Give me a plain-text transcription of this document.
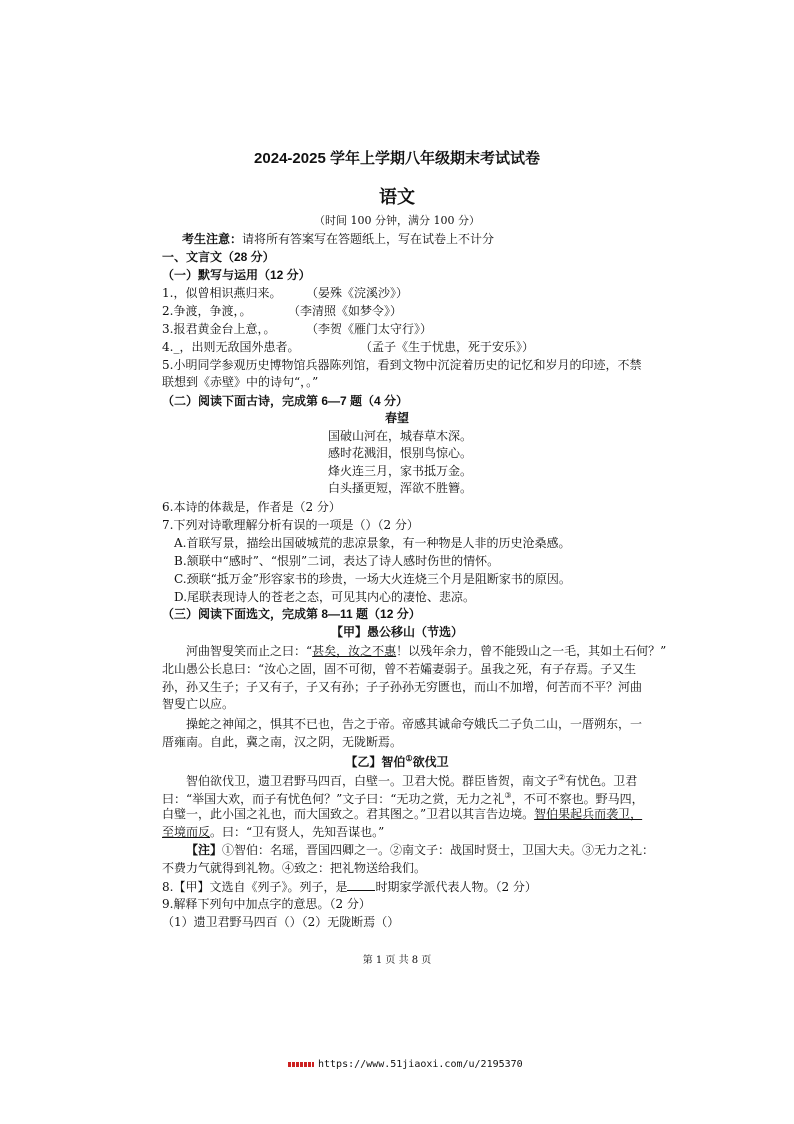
2024-2025 学年上学期八年级期末考试试卷
语文
（时间 100 分钟，满分 100 分）
考生注意：请将所有答案写在答题纸上，写在试卷上不计分
一、文言文（28 分）
（一）默写与运用（12 分）
1.，似曾相识燕归来。 （晏殊《浣溪沙》）
2.争渡，争渡，。	（李清照《如梦令》）
3.报君黄金台上意，。	（李贺《雁门太守行》）
4._，出则无敌国外患者。	（孟子《生于忧患，死于安乐》）
5.小明同学参观历史博物馆兵器陈列馆，看到文物中沉淀着历史的记忆和岁月的印迹，不禁
联想到《赤壁》中的诗句“，。”
（二）阅读下面古诗，完成第 6—7 题（4 分）
春望
国破山河在，城春草木深。
感时花溅泪，恨别鸟惊心。
烽火连三月，家书抵万金。
白头搔更短，浑欲不胜簪。
6.本诗的体裁是，作者是（2 分）
7.下列对诗歌理解分析有误的一项是（）（2 分）
A.首联写景，描绘出国破城荒的悲凉景象，有一种物是人非的历史沧桑感。
B.颔联中“感时”、“恨别”二词，表达了诗人感时伤世的情怀。
C.颈联“抵万金”形容家书的珍贵，一场大火连烧三个月是阻断家书的原因。
D.尾联表现诗人的苍老之态，可见其内心的凄怆、悲凉。
（三）阅读下面选文，完成第 8—11 题（12 分）
【甲】愚公移山（节选）
河曲智叟笑而止之曰：“甚矣，汝之不惠！以残年余力，曾不能毁山之一毛，其如土石何？”
北山愚公长息曰：“汝心之固，固不可彻，曾不若孀妻弱子。虽我之死，有子存焉。子又生
孙，孙又生子；子又有子，子又有孙；子子孙孙无穷匮也，而山不加增，何苦而不平？河曲
智叟亡以应。
操蛇之神闻之，惧其不已也，告之于帝。帝感其诚命夸娥氏二子负二山，一厝朔东，一
厝雍南。自此，冀之南，汉之阴，无陇断焉。
【乙】智伯①欲伐卫
智伯欲伐卫，遗卫君野马四百，白壁一。卫君大悦。群臣皆贺，南文子②有忧色。卫君
曰：“举国大欢，而子有忧色何？”文子曰：“无功之赏，无力之礼③，不可不察也。野马四，
白璧一，此小国之礼也，而大国致之。君其图之。”卫君以其言告边境。智伯果起兵而袭卫，
至境而反。曰：“卫有贤人，先知吾谋也。”
【注】①智伯：名瑶，晋国四卿之一。②南文子：战国时贤士，卫国大夫。③无力之礼：
不费力气就得到礼物。④致之：把礼物送给我们。
8.【甲】文选自《列子》。列子，是 时期家学派代表人物。（2 分）
9.解释下列句中加点字的意思。（2 分）
（1）遗卫君野马四百（）（2）无陇断焉（）
第 1 页 共 8 页
https://www.51jiaoxi.com/u/2195370
